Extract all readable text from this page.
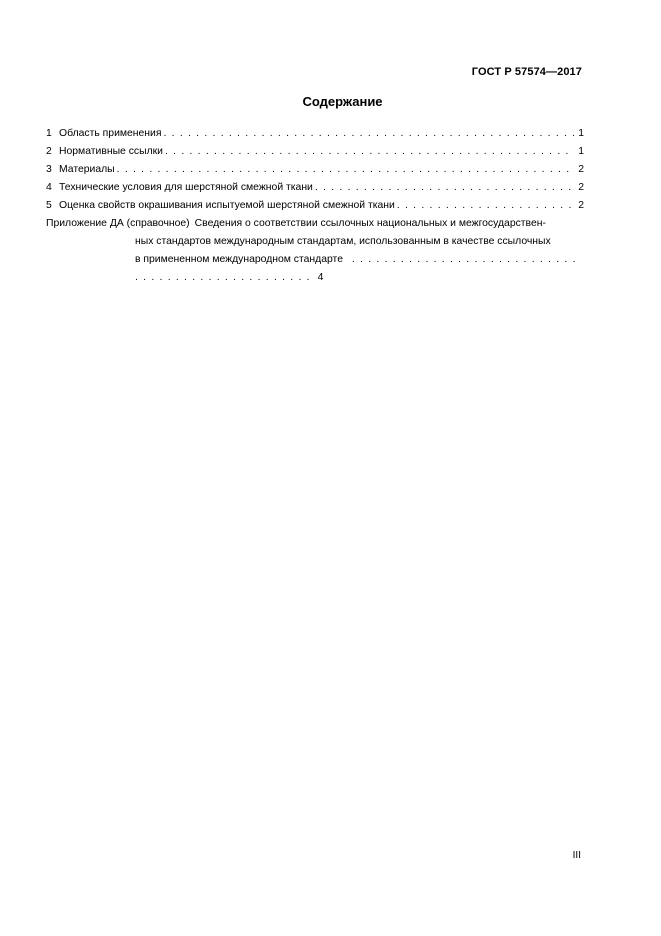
ГОСТ Р 57574—2017
Содержание
1 Область применения . . .	1
2 Нормативные ссылки . . .	1
3 Материалы . . .	2
4 Технические условия для шерстяной смежной ткани . . .	2
5 Оценка свойств окрашивания испытуемой шерстяной смежной ткани . . .	2
Приложение ДА (справочное) Сведения о соответствии ссылочных национальных и межгосударствен-
ных стандартов международным стандартам, использованным в качестве ссылочных
в примененном международном стандарте . . . 4
III
